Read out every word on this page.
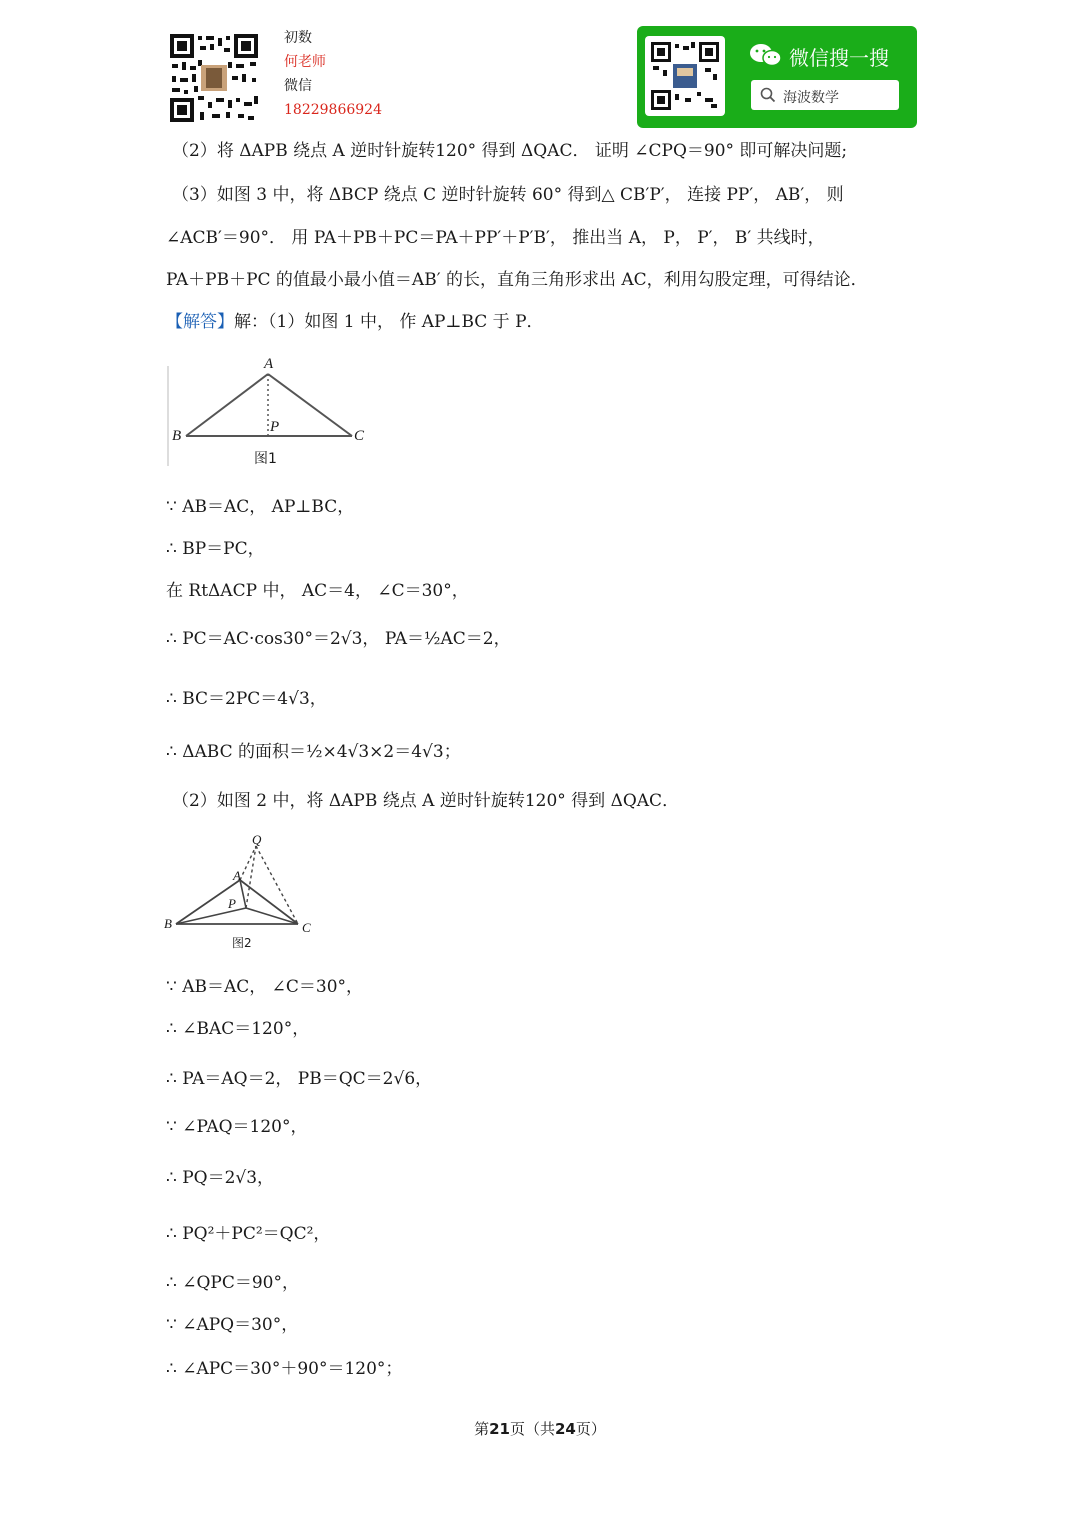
初数
何老师
微信
18229866924
微信搜一搜
海波数学
（2）将 ΔAPB 绕点 A 逆时针旋转120° 得到 ΔQAC． 证明 ∠CPQ＝90° 即可解决问题;
（3）如图 3 中，将 ΔBCP 绕点 C 逆时针旋转 60° 得到△ CB′P′， 连接 PP′， AB′， 则
∠ACB′＝90°． 用 PA＋PB＋PC＝PA＋PP′＋P′B′， 推出当 A， P， P′， B′ 共线时，
PA＋PB＋PC 的值最小最小值＝AB′ 的长，直角三角形求出 AC，利用勾股定理，可得结论．
【解答】解：（1）如图 1 中， 作 AP⊥BC 于 P．
A
B	C
P
图1
∵ AB＝AC， AP⊥BC，
∴ BP＝PC，
在 RtΔACP 中， AC＝4， ∠C＝30°，
∴ PC＝AC·cos30°＝2√3， PA＝½AC＝2，
∴ BC＝2PC＝4√3，
∴ ΔABC 的面积＝½×4√3×2＝4√3；
（2）如图 2 中，将 ΔAPB 绕点 A 逆时针旋转120° 得到 ΔQAC．
Q
A
B	C
P
图2
∵ AB＝AC， ∠C＝30°，
∴ ∠BAC＝120°，
∴ PA＝AQ＝2， PB＝QC＝2√6，
∵ ∠PAQ＝120°，
∴ PQ＝2√3，
∴ PQ²＋PC²＝QC²，
∴ ∠QPC＝90°，
∵ ∠APQ＝30°，
∴ ∠APC＝30°＋90°＝120°；
第21页（共24页）
